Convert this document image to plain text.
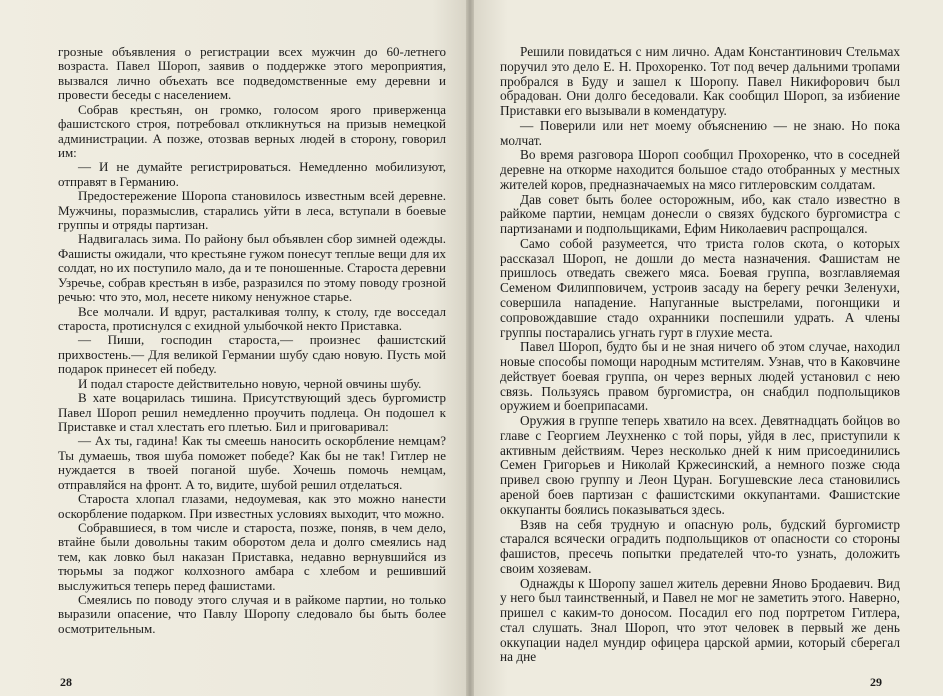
грозные объявления о регистрации всех мужчин до 60-летнего возраста. Павел Шороп, заявив о поддержке этого мероприятия, вызвался лично объехать все подведомственные ему деревни и провести беседы с населением.

Собрав крестьян, он громко, голосом ярого приверженца фашистского строя, потребовал откликнуться на призыв немецкой администрации. А позже, отозвав верных людей в сторону, говорил им:

— И не думайте регистрироваться. Немедленно мобилизуют, отправят в Германию.

Предостережение Шоропа становилось известным всей деревне. Мужчины, поразмыслив, старались уйти в леса, вступали в боевые группы и отряды партизан.

Надвигалась зима. По району был объявлен сбор зимней одежды. Фашисты ожидали, что крестьяне гужом понесут теплые вещи для их солдат, но их поступило мало, да и те поношенные. Староста деревни Узречье, собрав крестьян в избе, разразился по этому поводу грозной речью: что это, мол, несете никому ненужное старье.

Все молчали. И вдруг, расталкивая толпу, к столу, где восседал староста, протиснулся с ехидной улыбочкой некто Приставка.

— Пиши, господин староста,— произнес фашистский прихвостень.— Для великой Германии шубу сдаю новую. Пусть мой подарок принесет ей победу.

И подал старосте действительно новую, черной овчины шубу.

В хате воцарилась тишина. Присутствующий здесь бургомистр Павел Шороп решил немедленно проучить подлеца. Он подошел к Приставке и стал хлестать его плетью. Бил и приговаривал:

— Ах ты, гадина! Как ты смеешь наносить оскорбление немцам? Ты думаешь, твоя шуба поможет победе? Как бы не так! Гитлер не нуждается в твоей поганой шубе. Хочешь помочь немцам, отправляйся на фронт. А то, видите, шубой решил отделаться.

Староста хлопал глазами, недоумевая, как это можно нанести оскорбление подарком. При известных условиях выходит, что можно.

Собравшиеся, в том числе и староста, позже, поняв, в чем дело, втайне были довольны таким оборотом дела и долго смеялись над тем, как ловко был наказан Приставка, недавно вернувшийся из тюрьмы за поджог колхозного амбара с хлебом и решивший выслужиться теперь перед фашистами.

Смеялись по поводу этого случая и в райкоме партии, но только выразили опасение, что Павлу Шоропу следовало бы быть более осмотрительным.

28

Решили повидаться с ним лично. Адам Константинович Стельмах поручил это дело Е. Н. Прохоренко. Тот под вечер дальними тропами пробрался в Буду и зашел к Шоропу. Павел Никифорович был обрадован. Они долго беседовали. Как сообщил Шороп, за избиение Приставки его вызывали в комендатуру.

— Поверили или нет моему объяснению — не знаю. Но пока молчат.

Во время разговора Шороп сообщил Прохоренко, что в соседней деревне на откорме находится большое стадо отобранных у местных жителей коров, предназначаемых на мясо гитлеровским солдатам.

Дав совет быть более осторожным, ибо, как стало известно в райкоме партии, немцам донесли о связях будского бургомистра с партизанами и подпольщиками, Ефим Николаевич распрощался.

Само собой разумеется, что триста голов скота, о которых рассказал Шороп, не дошли до места назначения. Фашистам не пришлось отведать свежего мяса. Боевая группа, возглавляемая Семеном Филипповичем, устроив засаду на берегу речки Зеленухи, совершила нападение. Напуганные выстрелами, погонщики и сопровождавшие стадо охранники поспешили удрать. А члены группы постарались угнать гурт в глухие места.

Павел Шороп, будто бы и не зная ничего об этом случае, находил новые способы помощи народным мстителям. Узнав, что в Каковчине действует боевая группа, он через верных людей установил с нею связь. Пользуясь правом бургомистра, он снабдил подпольщиков оружием и боеприпасами.

Оружия в группе теперь хватило на всех. Девятнадцать бойцов во главе с Георгием Леухненко с той поры, уйдя в лес, приступили к активным действиям. Через несколько дней к ним присоединились Семен Григорьев и Николай Кржесинский, а немного позже сюда привел свою группу и Леон Цуран. Богушевские леса становились ареной боев партизан с фашистскими оккупантами. Фашистские оккупанты боялись показываться здесь.

Взяв на себя трудную и опасную роль, будский бургомистр старался всячески оградить подпольщиков от опасности со стороны фашистов, пресечь попытки предателей что-то узнать, доложить своим хозяевам.

Однажды к Шоропу зашел житель деревни Яново Бродаевич. Вид у него был таинственный, и Павел не мог не заметить этого. Наверно, пришел с каким-то доносом. Посадил его под портретом Гитлера, стал слушать. Знал Шороп, что этот человек в первый же день оккупации надел мундир офицера царской армии, который сберегал на дне

29
